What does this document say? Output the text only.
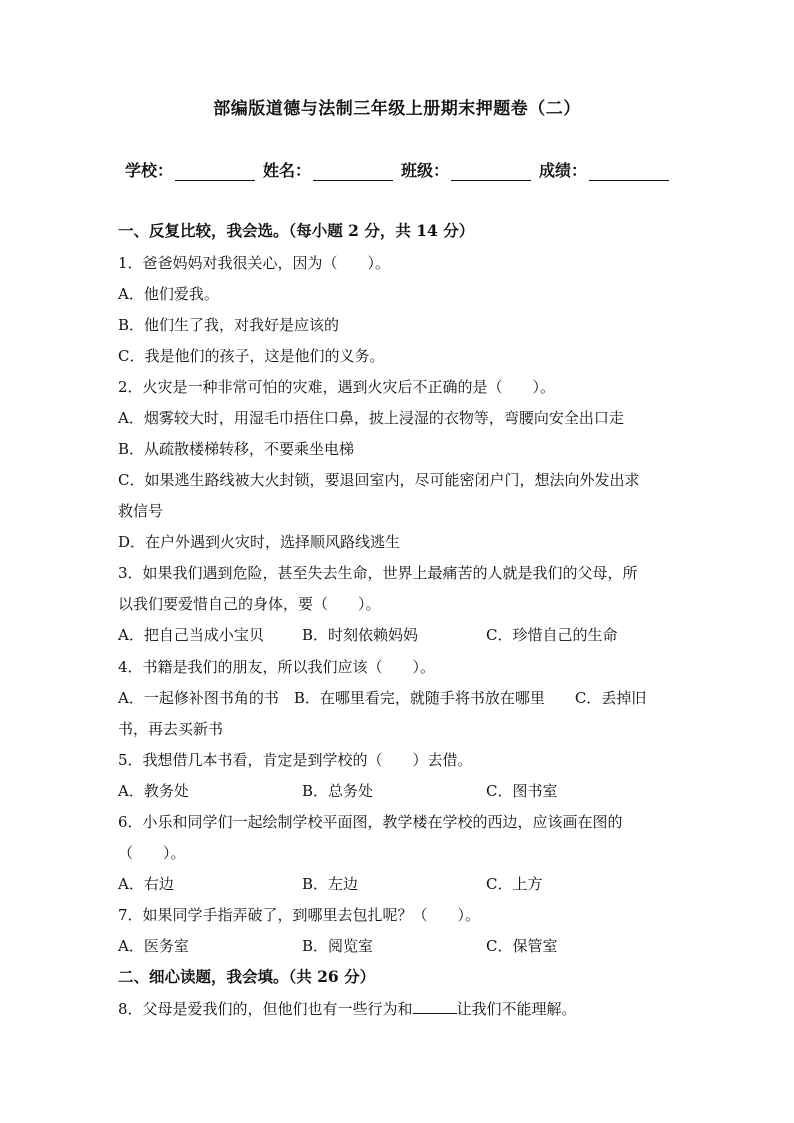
部编版道德与法制三年级上册期末押题卷（二）
学校：	姓名：	班级：	成绩：
一、反复比较，我会选。（每小题 2 分，共 14 分）
1．爸爸妈妈对我很关心，因为（　　）。
A．他们爱我。
B．他们生了我，对我好是应该的
C．我是他们的孩子，这是他们的义务。
2．火灾是一种非常可怕的灾难，遇到火灾后不正确的是（　　）。
A．烟雾较大时，用湿毛巾捂住口鼻，披上浸湿的衣物等，弯腰向安全出口走
B．从疏散楼梯转移，不要乘坐电梯
C．如果逃生路线被大火封锁，要退回室内，尽可能密闭户门，想法向外发出求
救信号
D．在户外遇到火灾时，选择顺风路线逃生
3．如果我们遇到危险，甚至失去生命，世界上最痛苦的人就是我们的父母，所
以我们要爱惜自己的身体，要（　　）。
A．把自己当成小宝贝	B．时刻依赖妈妈	C．珍惜自己的生命
4．书籍是我们的朋友，所以我们应该（　　）。
A．一起修补图书角的书　B．在哪里看完，就随手将书放在哪里　　C．丢掉旧
书，再去买新书
5．我想借几本书看，肯定是到学校的（　　）去借。
A．教务处	B．总务处	C．图书室
6．小乐和同学们一起绘制学校平面图，教学楼在学校的西边，应该画在图的
（　　）。
A．右边	B．左边	C．上方
7．如果同学手指弄破了，到哪里去包扎呢？（　　）。
A．医务室	B．阅览室	C．保管室
二、细心读题，我会填。（共 26 分）
8．父母是爱我们的，但他们也有一些行为和	让我们不能理解。
